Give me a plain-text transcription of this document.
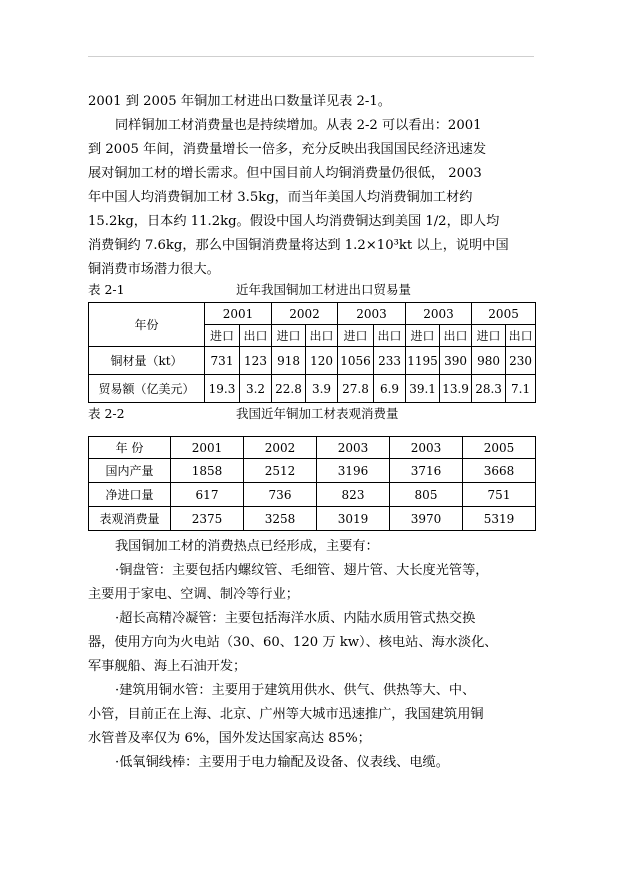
2001 到 2005 年铜加工材进出口数量详见表 2-1。
同样铜加工材消费量也是持续增加。从表 2-2 可以看出：2001
到 2005 年间，消费量增长一倍多，充分反映出我国国民经济迅速发
展对铜加工材的增长需求。但中国目前人均铜消费量仍很低， 2003
年中国人均消费铜加工材 3.5kg，而当年美国人均消费铜加工材约
15.2kg，日本约 11.2kg。假设中国人均消费铜达到美国 1/2，即人均
消费铜约 7.6kg，那么中国铜消费量将达到 1.2×10³kt 以上，说明中国
铜消费市场潜力很大。
表 2-1	近年我国铜加工材进出口贸易量
年份	2001		2002		2003		2003		2005	
	进口	出口	进口	出口	进口	出口	进口	出口	进口	出口
铜材量（kt）	731	123	918	120	1056	233	1195	390	980	230
贸易额（亿美元）	19.3	3.2	22.8	3.9	27.8	6.9	39.1	13.9	28.3	7.1
表 2-2	我国近年铜加工材表观消费量
年 份	2001	2002	2003	2003	2005
国内产量	1858	2512	3196	3716	3668
净进口量	617	736	823	805	751
表观消费量	2375	3258	3019	3970	5319
我国铜加工材的消费热点已经形成，主要有：
·铜盘管：主要包括内螺纹管、毛细管、翅片管、大长度光管等，
主要用于家电、空调、制冷等行业；
·超长高精冷凝管：主要包括海洋水质、内陆水质用管式热交换
器，使用方向为火电站（30、60、120 万 kw）、核电站、海水淡化、
军事舰船、海上石油开发；
·建筑用铜水管：主要用于建筑用供水、供气、供热等大、中、
小管，目前正在上海、北京、广州等大城市迅速推广，我国建筑用铜
水管普及率仅为 6%，国外发达国家高达 85%；
·低氧铜线棒：主要用于电力输配及设备、仪表线、电缆。
